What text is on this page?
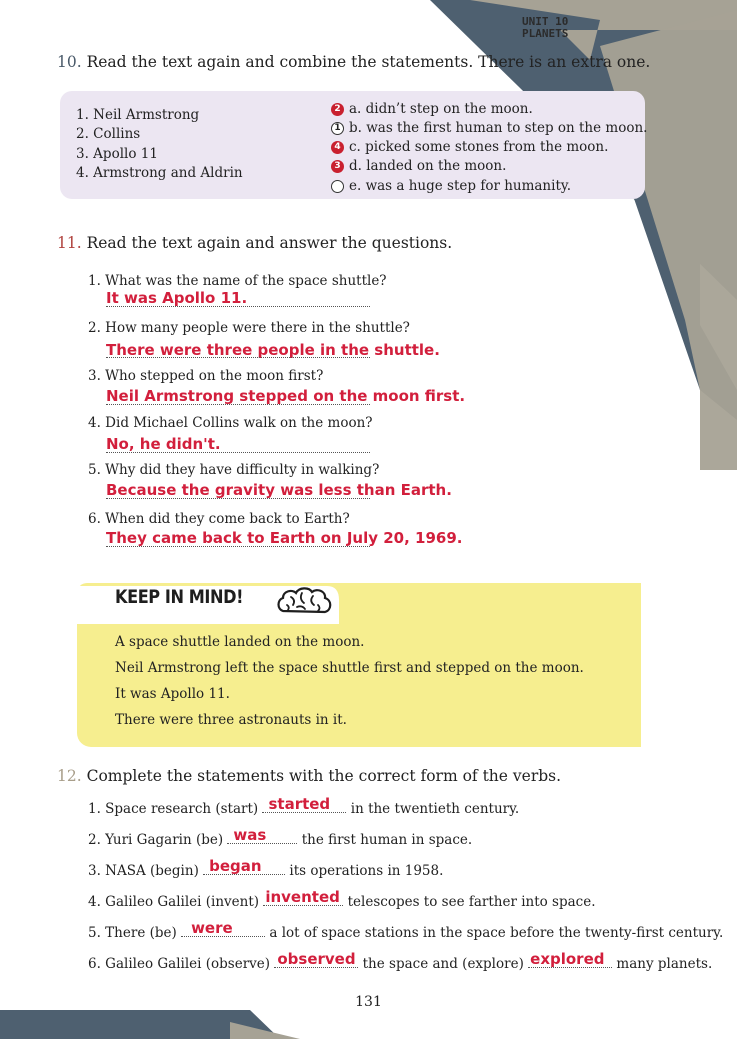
UNIT 10
PLANETS
10. Read the text again and combine the statements. There is an extra one.
1. Neil Armstrong
2. Collins
3. Apollo 11
4. Armstrong and Aldrin
2 a. didn’t step on the moon.
1 b. was the first human to step on the moon.
4 c. picked some stones from the moon.
3 d. landed on the moon.
e. was a huge step for humanity.
11. Read the text again and answer the questions.
1. What was the name of the space shuttle?
It was Apollo 11.
2. How many people were there in the shuttle?
There were three people in the shuttle.
3. Who stepped on the moon first?
Neil Armstrong stepped on the moon first.
4. Did Michael Collins walk on the moon?
No, he didn't.
5. Why did they have difficulty in walking?
Because the gravity was less than Earth.
6. When did they come back to Earth?
They came back to Earth on July 20, 1969.
KEEP IN MIND!
A space shuttle landed on the moon.
Neil Armstrong left the space shuttle first and stepped on the moon.
It was Apollo 11.
There were three astronauts in it.
12. Complete the statements with the correct form of the verbs.
1. Space research (start) started in the twentieth century.
2. Yuri Gagarin (be) was the first human in space.
3. NASA (begin) began its operations in 1958.
4. Galileo Galilei (invent) invented telescopes to see farther into space.
5. There (be) were a lot of space stations in the space before the twenty-first century.
6. Galileo Galilei (observe) observed the space and (explore) explored many planets.
131
